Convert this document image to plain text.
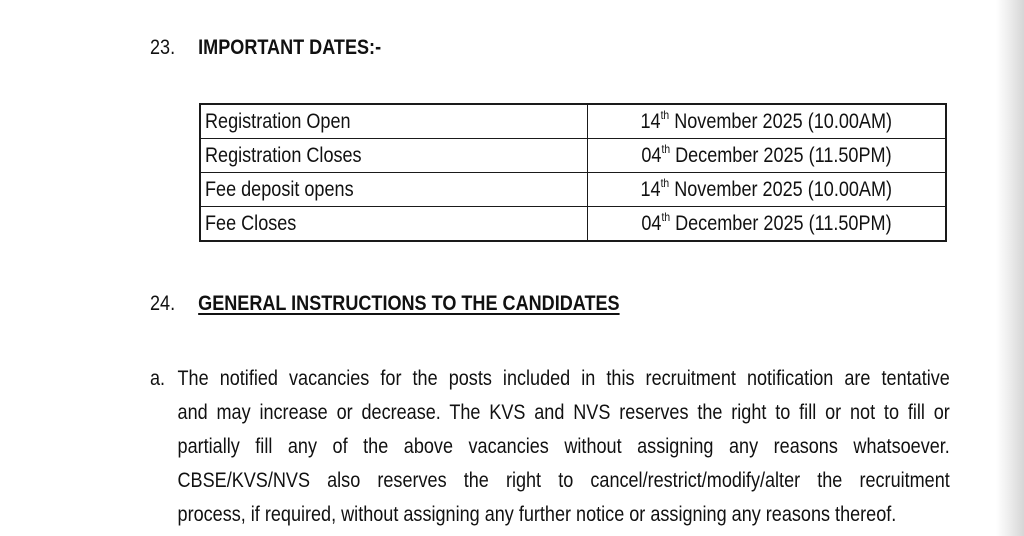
23. IMPORTANT DATES:-
Registration Open	14th November 2025 (10.00AM)
Registration Closes	04th December 2025 (11.50PM)
Fee deposit opens	14th November 2025 (10.00AM)
Fee Closes	04th December 2025 (11.50PM)
24. GENERAL INSTRUCTIONS TO THE CANDIDATES
a. The notified vacancies for the posts included in this recruitment notification are tentative
and may increase or decrease. The KVS and NVS reserves the right to fill or not to fill or
partially fill any of the above vacancies without assigning any reasons whatsoever.
CBSE/KVS/NVS also reserves the right to cancel/restrict/modify/alter the recruitment
process, if required, without assigning any further notice or assigning any reasons thereof.
